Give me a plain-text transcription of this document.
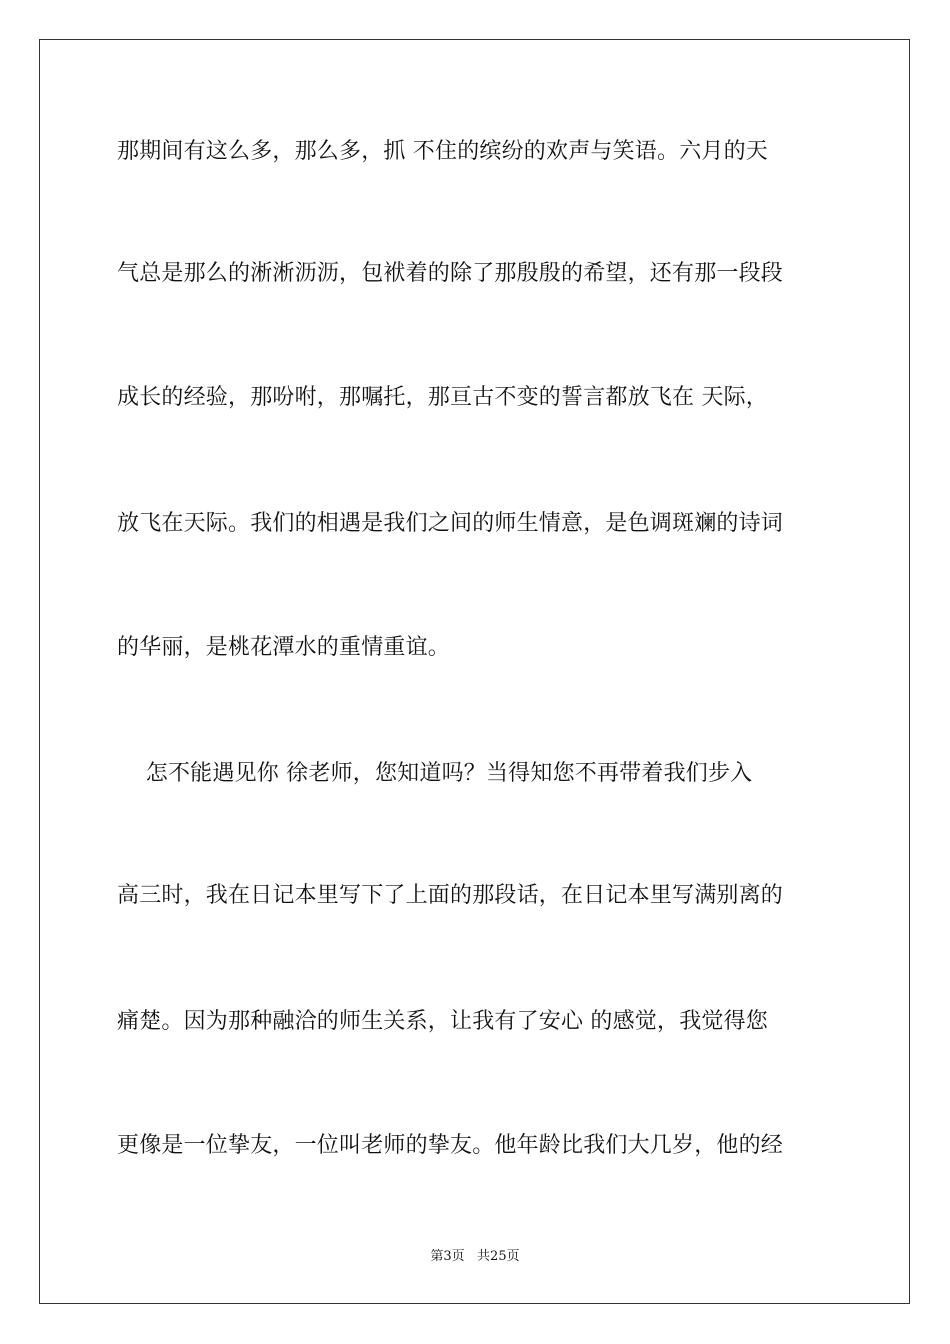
那期间有这么多，那么多，抓 不住的缤纷的欢声与笑语。六月的天
气总是那么的淅淅沥沥，包袱着的除了那殷殷的希望，还有那一段段
成长的经验，那吩咐，那嘱托，那亘古不变的誓言都放飞在 天际，
放飞在天际。我们的相遇是我们之间的师生情意，是色调斑斓的诗词
的华丽，是桃花潭水的重情重谊。
怎不能遇见你 徐老师，您知道吗？当得知您不再带着我们步入
高三时，我在日记本里写下了上面的那段话，在日记本里写满别离的
痛楚。因为那种融洽的师生关系，让我有了安心 的感觉，我觉得您
更像是一位挚友，一位叫老师的挚友。他年龄比我们大几岁，他的经
第3页   共25页
